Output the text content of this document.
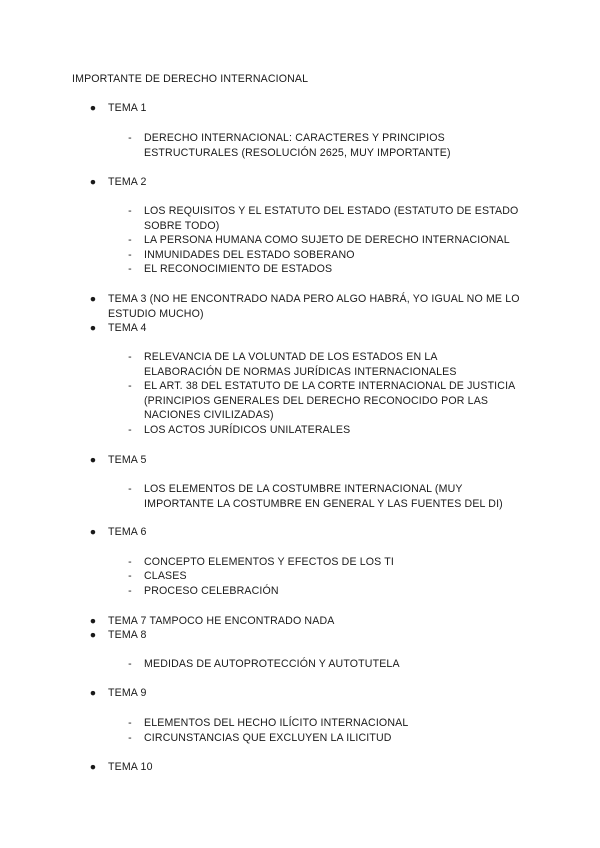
IMPORTANTE DE DERECHO INTERNACIONAL
● TEMA 1
- DERECHO INTERNACIONAL: CARACTERES Y PRINCIPIOS ESTRUCTURALES (RESOLUCIÓN 2625, MUY IMPORTANTE)
● TEMA 2
- LOS REQUISITOS Y EL ESTATUTO DEL ESTADO (ESTATUTO DE ESTADO SOBRE TODO)
- LA PERSONA HUMANA COMO SUJETO DE DERECHO INTERNACIONAL
- INMUNIDADES DEL ESTADO SOBERANO
- EL RECONOCIMIENTO DE ESTADOS
● TEMA 3 (NO HE ENCONTRADO NADA PERO ALGO HABRÁ, YO IGUAL NO ME LO ESTUDIO MUCHO)
● TEMA 4
- RELEVANCIA DE LA VOLUNTAD DE LOS ESTADOS EN LA ELABORACIÓN DE NORMAS JURÍDICAS INTERNACIONALES
- EL ART. 38 DEL ESTATUTO DE LA CORTE INTERNACIONAL DE JUSTICIA (PRINCIPIOS GENERALES DEL DERECHO RECONOCIDO POR LAS NACIONES CIVILIZADAS)
- LOS ACTOS JURÍDICOS UNILATERALES
● TEMA 5
- LOS ELEMENTOS DE LA COSTUMBRE INTERNACIONAL (MUY IMPORTANTE LA COSTUMBRE EN GENERAL Y LAS FUENTES DEL DI)
● TEMA 6
- CONCEPTO ELEMENTOS Y EFECTOS DE LOS TI
- CLASES
- PROCESO CELEBRACIÓN
● TEMA 7 TAMPOCO HE ENCONTRADO NADA
● TEMA 8
- MEDIDAS DE AUTOPROTECCIÓN Y AUTOTUTELA
● TEMA 9
- ELEMENTOS DEL HECHO ILÍCITO INTERNACIONAL
- CIRCUNSTANCIAS QUE EXCLUYEN LA ILICITUD
● TEMA 10
